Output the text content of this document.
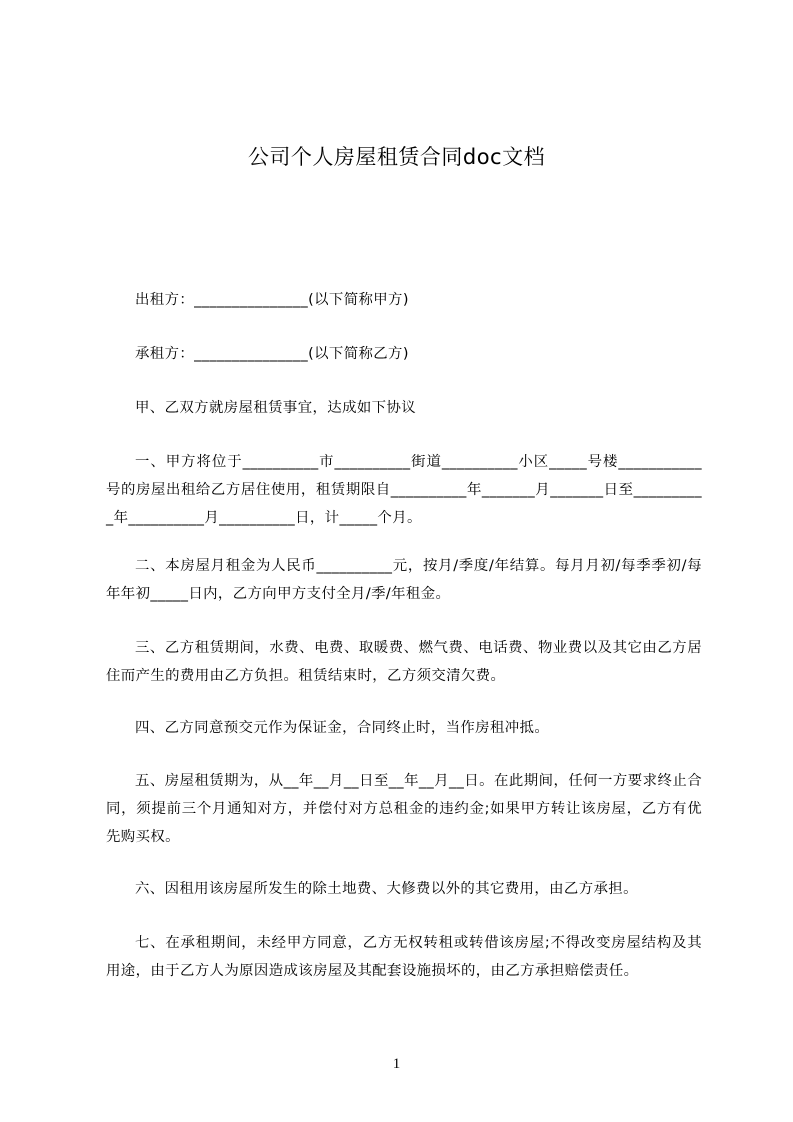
公司个人房屋租赁合同doc文档

出租方：_______________(以下简称甲方)

承租方：_______________(以下简称乙方)

甲、乙双方就房屋租赁事宜，达成如下协议

一、甲方将位于__________市__________街道__________小区_____号楼___________号的房屋出租给乙方居住使用，租赁期限自__________年_______月_______日至__________年__________月__________日，计_____个月。

二、本房屋月租金为人民币__________元，按月/季度/年结算。每月月初/每季季初/每年年初_____日内，乙方向甲方支付全月/季/年租金。

三、乙方租赁期间，水费、电费、取暖费、燃气费、电话费、物业费以及其它由乙方居住而产生的费用由乙方负担。租赁结束时，乙方须交清欠费。

四、乙方同意预交元作为保证金，合同终止时，当作房租冲抵。

五、房屋租赁期为，从__年__月__日至__年__月__日。在此期间，任何一方要求终止合同，须提前三个月通知对方，并偿付对方总租金的违约金;如果甲方转让该房屋，乙方有优先购买权。

六、因租用该房屋所发生的除土地费、大修费以外的其它费用，由乙方承担。

七、在承租期间，未经甲方同意，乙方无权转租或转借该房屋;不得改变房屋结构及其用途，由于乙方人为原因造成该房屋及其配套设施损坏的，由乙方承担赔偿责任。

1
